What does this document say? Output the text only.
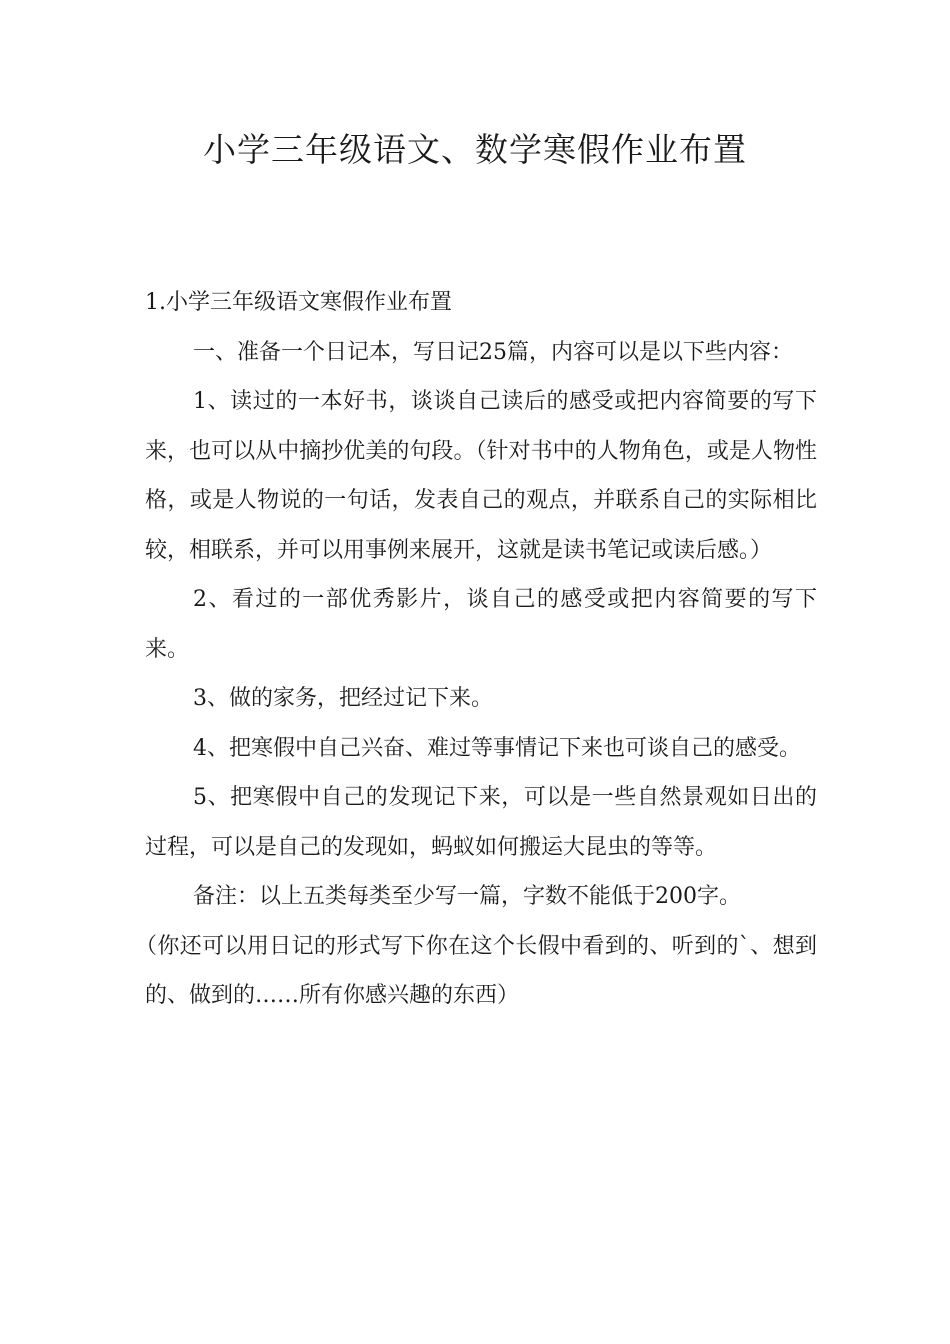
小学三年级语文、数学寒假作业布置

1.小学三年级语文寒假作业布置

一、准备一个日记本，写日记25篇，内容可以是以下些内容：

1、读过的一本好书，谈谈自己读后的感受或把内容简要的写下来，也可以从中摘抄优美的句段。（针对书中的人物角色，或是人物性格，或是人物说的一句话，发表自己的观点，并联系自己的实际相比较，相联系，并可以用事例来展开，这就是读书笔记或读后感。）

2、看过的一部优秀影片，谈自己的感受或把内容简要的写下来。

3、做的家务，把经过记下来。

4、把寒假中自己兴奋、难过等事情记下来也可谈自己的感受。

5、把寒假中自己的发现记下来，可以是一些自然景观如日出的过程，可以是自己的发现如，蚂蚁如何搬运大昆虫的等等。

备注：以上五类每类至少写一篇，字数不能低于200字。

（你还可以用日记的形式写下你在这个长假中看到的、听到的`、想到的、做到的……所有你感兴趣的东西）
